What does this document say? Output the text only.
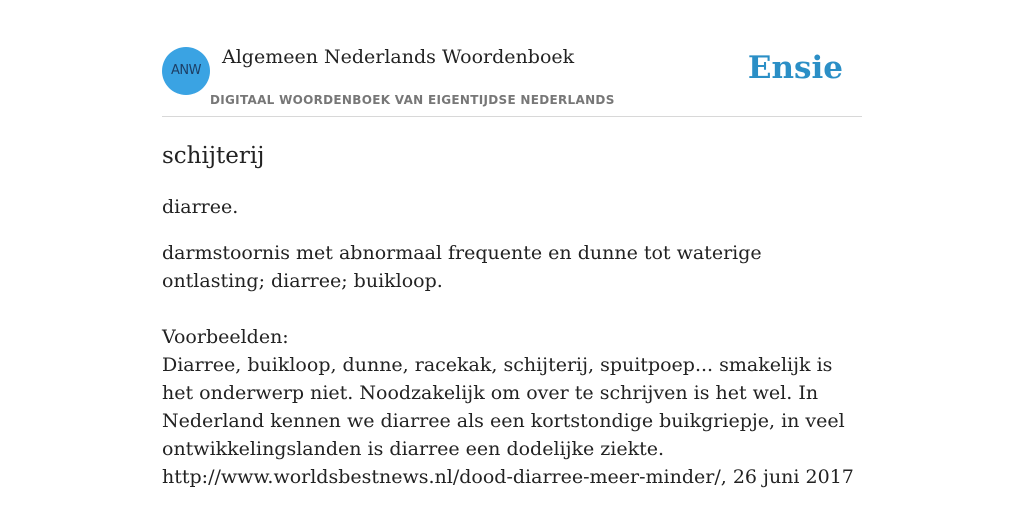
ANW
Algemeen Nederlands Woordenboek
DIGITAAL WOORDENBOEK VAN EIGENTIJDSE NEDERLANDS
Ensie
schijterij

diarree.

darmstoornis met abnormaal frequente en dunne tot waterige ontlasting; diarree; buikloop.

Voorbeelden:

Diarree, buikloop, dunne, racekak, schijterij, spuitpoep... smakelijk is het onderwerp niet. Noodzakelijk om over te schrijven is het wel. In Nederland kennen we diarree als een kortstondige buikgriepje, in veel ontwikkelingslanden is diarree een dodelijke ziekte.

http://www.worldsbestnews.nl/dood-diarree-meer-minder/, 26 juni 2017
